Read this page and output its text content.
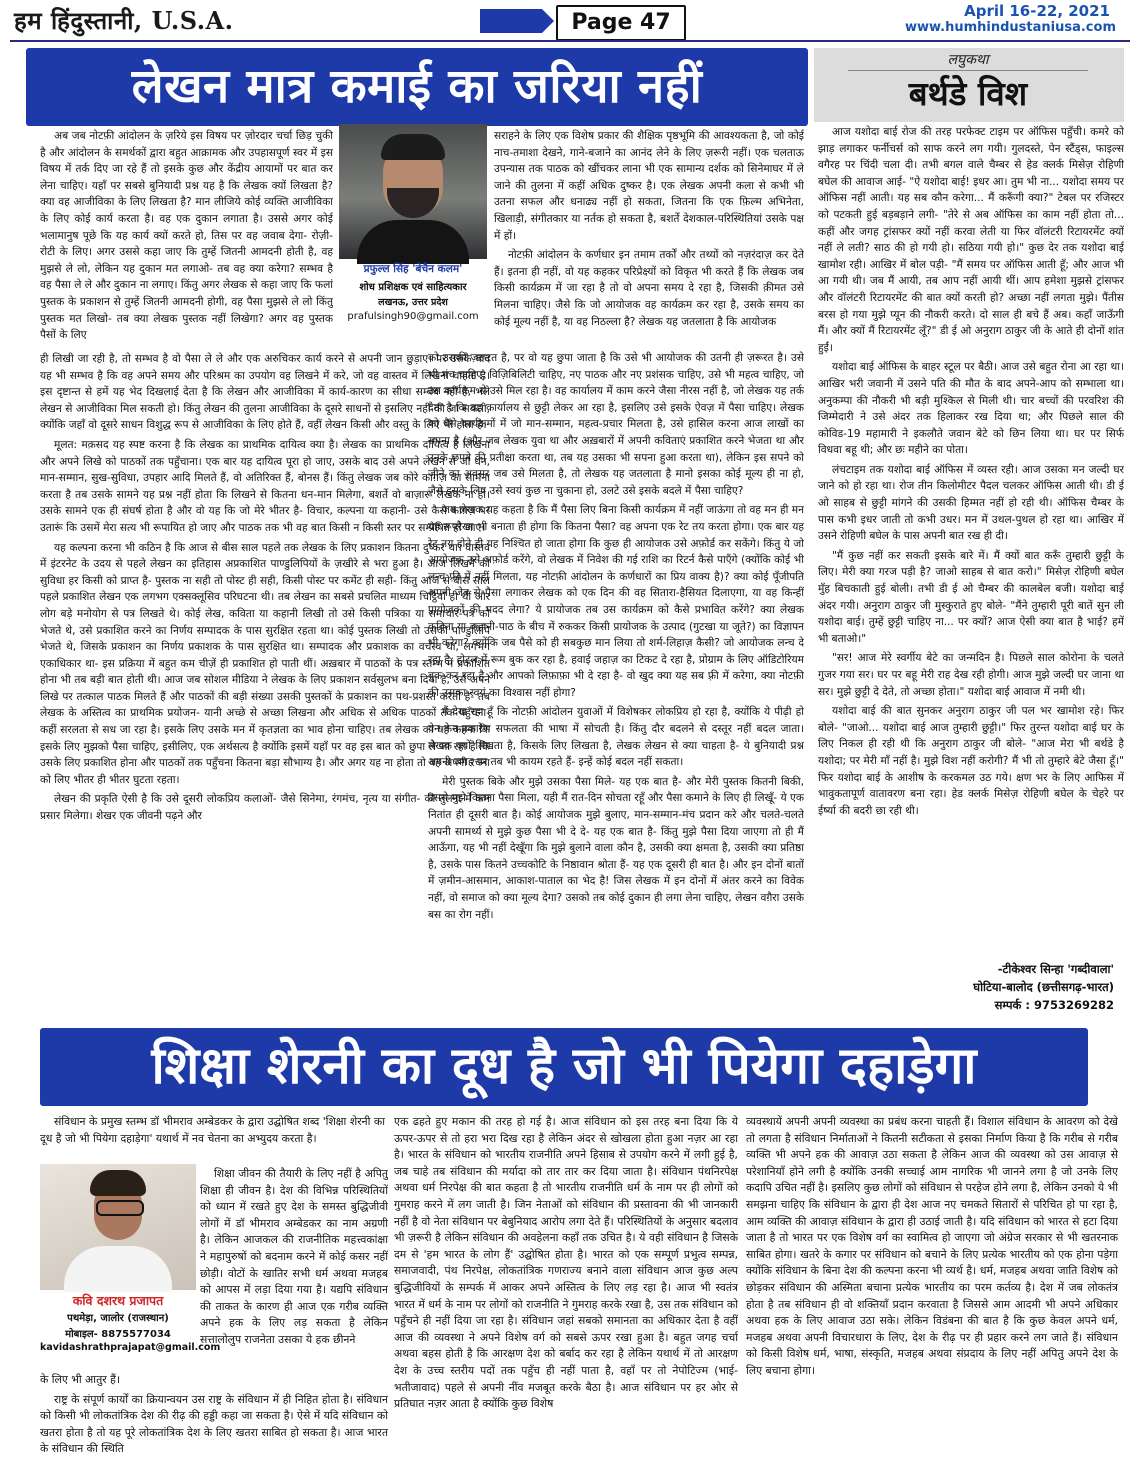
हम हिंदुस्तानी, U.S.A.	Page 47	April 16-22, 2021
www.humhindustaniusa.com
लेखन मात्र कमाई का जरिया नहीं	लघुकथा
बर्थडे विश
प्रफुल्ल सिंह 'बेचैन कलम'
शोध प्रशिक्षक एवं साहित्यकार
लखनऊ, उत्तर प्रदेश
prafulsingh90@gmail.com

अब जब नोटफ़ी आंदोलन के ज़रिये इस विषय पर ज़ोरदार चर्चा छिड़ चुकी है और आंदोलन के समर्थकों द्वारा बहुत आक्रामक और उपहासपूर्ण स्वर में इस विषय में तर्क दिए जा रहे हैं तो इसके कुछ और केंद्रीय आयामों पर बात कर लेना चाहिए। यहाँ पर सबसे बुनियादी प्रश्न यह है कि लेखक क्यों लिखता है? क्या वह आजीविका के लिए लिखता है? मान लीजिये कोई व्यक्ति आजीविका के लिए कोई कार्य करता है। वह एक दुकान लगाता है। उससे अगर कोई भलामानुष पूछे कि यह कार्य क्यों करते हो, तिस पर वह जवाब देगा- रोज़ी-रोटी के लिए। अगर उससे कहा जाए कि तुम्हें जितनी आमदनी होती है, वह मुझसे ले लो, लेकिन यह दुकान मत लगाओ- तब वह क्या करेगा? सम्भव है वह पैसा ले ले और दुकान ना लगाए। किंतु अगर लेखक से कहा जाए कि फलां पुस्तक के प्रकाशन से तुम्हें जितनी आमदनी होगी, वह पैसा मुझसे ले लो किंतु पुस्तक मत लिखो- तब क्या लेखक पुस्तक नहीं लिखेगा? अगर वह पुस्तक पैसों के लिए

ही लिखी जा रही है, तो सम्भव है वो पैसा ले ले और एक अरुचिकर कार्य करने से अपनी जान छुड़ाए। पर उसके बाद यह भी सम्भव है कि वह अपने समय और परिश्रम का उपयोग वह लिखने में करे, जो वह वास्तव में लिखना चाहता है। इस दृष्टान्त से हमें यह भेद दिखलाई देता है कि लेखन और आजीविका में कार्य-कारण का सीधा सम्बंध नहीं है, भले लेखन से आजीविका मिल सकती हो। किंतु लेखन की तुलना आजीविका के दूसरे साधनों से इसलिए नहीं की जा सकती, क्योंकि जहाँ वो दूसरे साधन विशुद्ध रूप से आजीविका के लिए होते हैं, वहीं लेखन किसी और वस्तु के लिए भी होता है।

मूलत: मक़सद यह स्पष्ट करना है कि लेखक का प्राथमिक दायित्व क्या है। लेखक का प्राथमिक दायित्व है लिखना और अपने लिखे को पाठकों तक पहुँचाना। एक बार यह दायित्व पूरा हो जाए, उसके बाद उसे अपने लेखन से जो धन, मान-सम्मान, सुख-सुविधा, उपहार आदि मिलते हैं, वो अतिरिक्त हैं, बोनस हैं। किंतु लेखक जब कोरे काग़ज़ का सामना करता है तब उसके सामने यह प्रश्न नहीं होता कि लिखने से कितना धन-मान मिलेगा, बशर्ते वो बाज़ारू लेखक ना हो। उसके सामने एक ही संघर्ष होता है और वो यह कि जो मेरे भीतर है- विचार, कल्पना या कहानी- उसे कैसे काग़ज़ पर उतारूं कि उसमें मेरा सत्य भी रूपायित हो जाए और पाठक तक भी वह बात किसी न किसी स्तर पर सम्प्रेषित हो जाए।

यह कल्पना करना भी कठिन है कि आज से बीस साल पहले तक लेखक के लिए प्रकाशन कितना दुष्कर था। वास्तव में इंटरनेट के उदय से पहले लेखन का इतिहास अप्रकाशित पाण्डुलिपियों के ज़खीरे से भरा हुआ है। आज लिखने की सुविधा हर किसी को प्राप्त है- पुस्तक ना सही तो पोस्ट ही सही, किसी पोस्ट पर कमेंट ही सही- किंतु आज से बीस साल पहले प्रकाशित लेखन एक लगभग एक्सक्लूसिव परिघटना थी। तब लेखन का सबसे प्रचलित माध्यम चिट्ठियाँ ही थीं और लोग बड़े मनोयोग से पत्र लिखते थे। कोई लेख, कविता या कहानी लिखी तो उसे किसी पत्रिका या समाचार-पत्र को भेजते थे, उसे प्रकाशित करने का निर्णय सम्पादक के पास सुरक्षित रहता था। कोई पुस्तक लिखी तो उसकी पाण्डुलिपि भेजते थे, जिसके प्रकाशन का निर्णय प्रकाशक के पास सुरक्षित था। सम्पादक और प्रकाशक का वर्चस्व था, लगभग एकाधिकार था- इस प्रक्रिया में बहुत कम चीज़ें ही प्रकाशित हो पाती थीं। अख़बार में पाठकों के पत्र स्तम्भ में प्रकाशित होना भी तब बड़ी बात होती थी। आज जब सोशल मीडिया ने लेखक के लिए प्रकाशन सर्वसुलभ बना दिया है, उसे अपने लिखे पर तत्काल पाठक मिलते हैं और पाठकों की बड़ी संख्या उसकी पुस्तकों के प्रकाशन का पथ-प्रशस्त करती है- तब लेखक के अस्तित्व का प्राथमिक प्रयोजन- यानी अच्छे से अच्छा लिखना और अधिक से अधिक पाठकों तक पहुँचना- कहीं सरलता से सध जा रहा है। इसके लिए उसके मन में कृतज्ञता का भाव होना चाहिए। तब लेखक का यह कहना कि इसके लिए मुझको पैसा चाहिए, इसीलिए, एक अर्थसत्य है क्योंकि इसमें यहाँ पर वह इस बात को छुपा ले जा रहा है कि उसके लिए प्रकाशित होना और पाठकों तक पहुँचना कितना बड़ा सौभाग्य है। और अगर यह ना होता तो वह अपनी रचना को लिए भीतर ही भीतर घुटता रहता।

लेखन की प्रकृति ऐसी है कि उसे दूसरी लोकप्रिय कलाओं- जैसे सिनेमा, रंगमंच, नृत्य या संगीत- की तुलना में कम प्रसार मिलेगा। शेखर एक जीवनी पढ़ने और

सराहने के लिए एक विशेष प्रकार की शैक्षिक पृष्ठभूमि की आवश्यकता है, जो कोई नाच-तमाशा देखने, गाने-बजाने का आनंद लेने के लिए ज़रूरी नहीं। एक चलताऊ उपन्यास तक पाठक को खींचकर लाना भी एक सामान्य दर्शक को सिनेमाघर में ले जाने की तुलना में कहीं अधिक दुष्कर है। एक लेखक अपनी कला से कभी भी उतना सफल और धनाढ्य नहीं हो सकता, जितना कि एक फ़िल्म अभिनेता, खिलाड़ी, संगीतकार या नर्तक हो सकता है, बशर्ते देशकाल-परिस्थितियां उसके पक्ष में हों।

नोटफ़ी आंदोलन के कर्णधार इन तमाम तर्कों और तथ्यों को नज़रंदाज़ कर देते हैं। इतना ही नहीं, वो यह कहकर परिप्रेक्ष्यों को विकृत भी करते हैं कि लेखक जब किसी कार्यक्रम में जा रहा है तो वो अपना समय दे रहा है, जिसकी क़ीमत उसे मिलना चाहिए। जैसे कि जो आयोजक वह कार्यक्रम कर रहा है, उसके समय का कोई मूल्य नहीं है, या वह निठल्ला है? लेखक यह जतलाता है कि आयोजक

को उसकी ज़रूरत है, पर वो यह छुपा जाता है कि उसे भी आयोजक की उतनी ही ज़रूरत है। उसे भी मंच चाहिए, विज़िबिलिटी चाहिए, नए पाठक और नए प्रशंसक चाहिए, उसे भी महत्व चाहिए, जो उस कार्यक्रम से उसे मिल रहा है। वह कार्यालय में काम करने जैसा नीरस नहीं है, जो लेखक यह तर्क देता है कि वह कार्यालय से छुट्टी लेकर आ रहा है, इसलिए उसे इसके ऐवज़ में पैसा चाहिए। लेखक को वैसे कार्यक्रमों में जो मान-सम्मान, महत्व-प्रचार मिलता है, उसे हासिल करना आज लाखों का सपना है (और जब लेखक युवा था और अख़बारों में अपनी कविताएं प्रकाशित करने भेजता था और उनके छपने की प्रतीक्षा करता था, तब यह उसका भी सपना हुआ करता था), लेकिन इस सपने को जीने का अवसर जब उसे मिलता है, तो लेखक यह जतलाता है मानो इसका कोई मूल्य ही ना हो, जैसे इसके लिए उसे स्वयं कुछ ना चुकाना हो, उलटे उसे इसके बदले में पैसा चाहिए?

जब लेखक यह कहता है कि मैं पैसा लिए बिना किसी कार्यक्रम में नहीं जाऊंगा तो वह मन ही मन यह रूपरेखा भी बनाता ही होगा कि कितना पैसा? वह अपना एक रेट तय करता होगा। एक बार यह रेट तय होते ही यह निश्चित हो जाता होगा कि कुछ ही आयोजक उसे अफ़ोर्ड कर सकेंगे। किंतु ये जो आयोजक उसे अफ़ोर्ड करेंगे, वो लेखक में निवेश की गई राशि का रिटर्न कैसे पाएँगे (क्योंकि कोई भी लन्च फ़्री में नहीं मिलता, यह नोटफ़ी आंदोलन के कर्णधारों का प्रिय वाक्य है)? क्या कोई पूँजीपति अपनी जेब से पैसा लगाकर लेखक को एक दिन की वह सितारा-हैसियत दिलाएगा, या वह किन्हीं प्रायोजकों की मदद लेगा? ये प्रायोजक तब उस कार्यक्रम को कैसे प्रभावित करेंगे? क्या लेखक कविता या कहानी-पाठ के बीच में रुककर किसी प्रायोजक के उत्पाद (गुटखा या जूते?) का विज्ञापन भी करेगा? क्योंकि जब पैसे को ही सबकुछ मान लिया तो शर्म-लिहाज़ कैसी? जो आयोजक लन्च दे रहा है, होटल में रूम बुक कर रहा है, हवाई जहाज़ का टिकट दे रहा है, प्रोग्राम के लिए ऑडिटोरियम बुक कर रहा है और आपको लिफ़ाफ़ा भी दे रहा है- वो खुद क्या यह सब फ़्री में करेगा, क्या नोटफ़ी की उसका स्वयं का विश्वास नहीं होगा?

मैं देख रहा हूँ कि नोटफ़ी आंदोलन युवाओं में विशेषकर लोकप्रिय हो रहा है, क्योंकि ये पीढ़ी हो येन-केन-प्रकारेण सफलता की भाषा में सोचती है। किंतु दौर बदलने से दस्तूर नहीं बदल जाता। लेखक क्यों लिखता है, किसके लिए लिखता है, लेखक लेखन से क्या चाहता है- ये बुनियादी प्रश्न अपनी जगह पर तब भी कायम रहते हैं- इन्हें कोई बदल नहीं सकता।

मेरी पुस्तक बिके और मुझे उसका पैसा मिले- यह एक बात है- और मेरी पुस्तक कितनी बिकी, उससे मुझे कितना पैसा मिला, यही मैं रात-दिन सोचता रहूँ और पैसा कमाने के लिए ही लिखूँ- ये एक नितांत ही दूसरी बात है। कोई आयोजक मुझे बुलाए, मान-सम्मान-मंच प्रदान करे और चलते-चलते अपनी सामर्थ्य से मुझे कुछ पैसा भी दे दे- यह एक बात है- किंतु मुझे पैसा दिया जाएगा तो ही मैं आऊँगा, यह भी नहीं देखूँगा कि मुझे बुलाने वाला कौन है, उसकी क्या क्षमता है, उसकी क्या प्रतिष्ठा है, उसके पास कितने उच्चकोटि के निष्ठावान श्रोता हैं- यह एक दूसरी ही बात है। और इन दोनों बातों में ज़मीन-आसमान, आकाश-पाताल का भेद है! जिस लेखक में इन दोनों में अंतर करने का विवेक नहीं, वो समाज को क्या मूल्य देगा? उसको तब कोई दुकान ही लगा लेना चाहिए, लेखन वग़ैरा उसके बस का रोग नहीं।

आज यशोदा बाई रोज की तरह परफेक्ट टाइम पर ऑफिस पहुँची। कमरे को झाड़ लगाकर फर्नीचर्स को साफ करने लग गयी। गुलदस्ते, पेन स्टैंड्स, फाइल्स वगैरह पर चिंदी चला दी। तभी बगल वाले चैम्बर से हेड क्लर्क मिसेज़ रोहिणी बघेल की आवाज आई- "ऐ यशोदा बाई! इधर आ। तुम भी ना... यशोदा समय पर ऑफिस नहीं आती। यह सब कौन करेगा... मैं करूँगी क्या?" टेबल पर रजिस्टर को पटकती हुई बड़बड़ाने लगी- "तेरे से अब ऑफिस का काम नहीं होता तो... कहीं और जगह ट्रांसफर क्यों नहीं करवा लेती या फिर वॉलंटरी रिटायरमेंट क्यों नहीं ले लती? साठ की हो गयी हो। सठिया गयी हो।" कुछ देर तक यशोदा बाई खामोश रही। आखिर में बोल पड़ी- "मैं समय पर ऑफिस आती हूँ; और आज भी आ गयी थी। जब मैं आयी, तब आप नहीं आयी थीं। आप हमेशा मुझसे ट्रांसफर और वॉलंटरी रिटायरमेंट की बात क्यों करती हो? अच्छा नहीं लगता मुझे। पैंतीस बरस हो गया मुझे प्यून की नौकरी करते। दो साल ही बचे हैं अब। कहाँ जाऊँगी मैं। और क्यों मैं रिटायरमेंट लूँ?" डी ई ओ अनुराग ठाकुर जी के आते ही दोनों शांत हुईं।

यशोदा बाई ऑफिस के बाहर स्टूल पर बैठी। आज उसे बहुत रोना आ रहा था। आखिर भरी जवानी में उसने पति की मौत के बाद अपने-आप को सम्भाला था। अनुकम्पा की नौकरी भी बड़ी मुश्किल से मिली थी। चार बच्चों की परवरिश की जिम्मेदारी ने उसे अंदर तक हिलाकर रख दिया था; और पिछले साल की कोविड-19 महामारी ने इकलौते जवान बेटे को छिन लिया था। घर पर सिर्फ विधवा बहू थी; और छः महीने का पोता।

लंचटाइम तक यशोदा बाई ऑफिस में व्यस्त रही। आज उसका मन जल्दी घर जाने को हो रहा था। रोज तीन किलोमीटर पैदल चलकर ऑफिस आती थी। डी ई ओ साहब से छुट्टी मांगने की उसकी हिम्मत नहीं हो रही थी। ऑफिस चैम्बर के पास कभी इधर जाती तो कभी उधर। मन में उथल-पुथल हो रहा था। आखिर में उसने रोहिणी बघेल के पास अपनी बात रख ही दी।

"मैं कुछ नहीं कर सकती इसके बारे में। मैं क्यों बात करूँ तुम्हारी छुट्टी के लिए। मेरी क्या गरज पड़ी है? जाओ साहब से बात करो।" मिसेज़ रोहिणी बघेल मुँह बिचकाती हुई बोली। तभी डी ई ओ चैम्बर की कालबेल बजी। यशोदा बाई अंदर गयी। अनुराग ठाकुर जी मुस्कुराते हुए बोले- "मैंने तुम्हारी पूरी बातें सुन ली यशोदा बाई। तुम्हें छुट्टी चाहिए ना... पर क्यों? आज ऐसी क्या बात है भाई? हमें भी बताओ।"

"सर! आज मेरे स्वर्गीय बेटे का जन्मदिन है। पिछले साल कोरोना के चलते गुजर गया सर। घर पर बहू मेरी राह देख रही होगी। आज मुझे जल्दी घर जाना था सर। मुझे छुट्टी दे देते, तो अच्छा होता।" यशोदा बाई आवाज में नमी थी।

यशोदा बाई की बात सुनकर अनुराग ठाकुर जी पल भर खामोश रहे। फिर बोले- "जाओ... यशोदा बाई आज तुम्हारी छुट्टी।" फिर तुरन्त यशोदा बाई घर के लिए निकल ही रही थी कि अनुराग ठाकुर जी बोले- "आज मेरा भी बर्थडे है यशोदा; पर मेरी माँ नहीं है। मुझे विश नहीं करोगी? मैं भी तो तुम्हारे बेटे जैसा हूँ।" फिर यशोदा बाई के आशीष के करकमल उठ गये। क्षण भर के लिए आफिस में भावुकतापूर्ण वातावरण बना रहा। हेड क्लर्क मिसेज़ रोहिणी बघेल के चेहरे पर ईर्ष्या की बदरी छा रही थी।

-टीकेश्वर सिन्हा 'गब्दीवाला'
घोटिया-बालोद (छत्तीसगढ़-भारत)
सम्पर्क : 9753269282
शिक्षा शेरनी का दूध है जो भी पियेगा दहाड़ेगा

संविधान के प्रमुख स्तम्भ डॉ भीमराव अम्बेडकर के द्वारा उद्घोषित शब्द 'शिक्षा शेरनी का दूध है जो भी पियेगा दहाड़ेगा' यथार्थ में नव चेतना का अभ्युदय करता है।

कवि दशरथ प्रजापत
पथमेड़ा, जालोर (राजस्थान)
मोबाइल- 8875577034
kavidashrathprajapat@gmail.com

शिक्षा जीवन की तैयारी के लिए नहीं है अपितु शिक्षा ही जीवन है। देश की विभिन्न परिस्थितियों को ध्यान में रखते हुए देश के समस्त बुद्धिजीवी लोगों में डॉ भीमराव अम्बेडकर का नाम अग्रणी है। लेकिन आजकल की राजनीतिक महत्त्वकांक्षा ने महापुरुषों को बदनाम करने में कोई कसर नहीं छोड़ी। वोटों के खातिर सभी धर्म अथवा मजहब को आपस में लड़ा दिया गया है। यद्यपि संविधान की ताकत के कारण ही आज एक गरीब व्यक्ति अपने हक के लिए लड़ सकता है लेकिन सत्तालोलुप राजनेता उसका ये हक छीनने

के लिए भी आतुर हैं।

राष्ट्र के संपूर्ण कार्यों का क्रियान्वयन उस राष्ट्र के संविधान में ही निहित होता है। संविधान को किसी भी लोकतांत्रिक देश की रीढ़ की हड्डी कहा जा सकता है। ऐसे में यदि संविधान को खतरा होता है तो यह पूरे लोकतांत्रिक देश के लिए खतरा साबित हो सकता है। आज भारत के संविधान की स्थिति

एक ढहते हुए मकान की तरह हो गई है। आज संविधान को इस तरह बना दिया कि ये ऊपर-ऊपर से तो हरा भरा दिख रहा है लेकिन अंदर से खोखला होता हुआ नज़र आ रहा है। भारत के संविधान को भारतीय राजनीति अपने हिसाब से उपयोग करने में लगी हुई है, जब चाहे तब संविधान की मर्यादा को तार तार कर दिया जाता है। संविधान पंथनिरपेक्ष अथवा धर्म निरपेक्ष की बात कहता है तो भारतीय राजनीति धर्म के नाम पर ही लोगों को गुमराह करने में लग जाती है। जिन नेताओं को संविधान की प्रस्तावना की भी जानकारी नहीं है वो नेता संविधान पर बेबुनियाद आरोप लगा देते हैं। परिस्थितियों के अनुसार बदलाव भी ज़रूरी है लेकिन संविधान की अवहेलना कहाँ तक उचित है। ये वही संविधान है जिसके दम से 'हम भारत के लोग हैं' उद्घोषित होता है। भारत को एक सम्पूर्ण प्रभुत्व सम्पन्न, समाजवादी, पंथ निरपेक्ष, लोकतांत्रिक गणराज्य बनाने वाला संविधान आज कुछ अल्प बुद्धिजीवियों के सम्पर्क में आकर अपने अस्तित्व के लिए लड़ रहा है। आज भी स्वतंत्र भारत में धर्म के नाम पर लोगों को राजनीति ने गुमराह करके रखा है, उस तक संविधान को पहुँचने ही नहीं दिया जा रहा है। संविधान जहां सबको समानता का अधिकार देता है वहीं आज की व्यवस्था ने अपने विशेष वर्ग को सबसे ऊपर रखा हुआ है। बहुत जगह चर्चा अथवा बहस होती है कि आरक्षण देश को बर्बाद कर रहा है लेकिन यथार्थ में तो आरक्षण देश के उच्च स्तरीय पदों तक पहुँच ही नहीं पाता है, वहाँ पर तो नेपोटिज्म (भाई-भतीजावाद) पहले से अपनी नींव मजबूत करके बैठा है। आज संविधान पर हर ओर से प्रतिघात नज़र आता है क्योंकि कुछ विशेष

व्यवस्थायें अपनी अपनी व्यवस्था का प्रबंध करना चाहती हैं। विशाल संविधान के आवरण को देखे तो लगता है संविधान निर्माताओं ने कितनी सटीकता से इसका निर्माण किया है कि गरीब से गरीब व्यक्ति भी अपने हक की आवाज़ उठा सकता है लेकिन आज की व्यवस्था को उस आवाज़ से परेशानियाँ होने लगी है क्योंकि उनकी सच्चाई आम नागरिक भी जानने लगा है जो उनके लिए कदापि उचित नहीं है। इसलिए कुछ लोगों को संविधान से परहेज होने लगा है, लेकिन उनको ये भी समझना चाहिए कि संविधान के द्वारा ही देश आज नए चमकते सितारों से परिचित हो पा रहा है, आम व्यक्ति की आवाज़ संविधान के द्वारा ही उठाई जाती है। यदि संविधान को भारत से हटा दिया जाता है तो भारत पर एक विशेष वर्ग का स्वामित्व हो जाएगा जो अंग्रेज सरकार से भी खतरनाक साबित होगा। खतरे के कगार पर संविधान को बचाने के लिए प्रत्येक भारतीय को एक होना पड़ेगा क्योंकि संविधान के बिना देश की कल्पना करना भी व्यर्थ है। धर्म, मजहब अथवा जाति विशेष को छोड़कर संविधान की अस्मिता बचाना प्रत्येक भारतीय का परम कर्तव्य है। देश में जब लोकतंत्र होता है तब संविधान ही वो शक्तियाँ प्रदान करवाता है जिससे आम आदमी भी अपने अधिकार अथवा हक के लिए आवाज उठा सके। लेकिन विडंबना की बात है कि कुछ केवल अपने धर्म, मजहब अथवा अपनी विचारधारा के लिए, देश के रीढ़ पर ही प्रहार करने लग जाते हैं। संविधान को किसी विशेष धर्म, भाषा, संस्कृति, मजहब अथवा संप्रदाय के लिए नहीं अपितु अपने देश के लिए बचाना होगा।
